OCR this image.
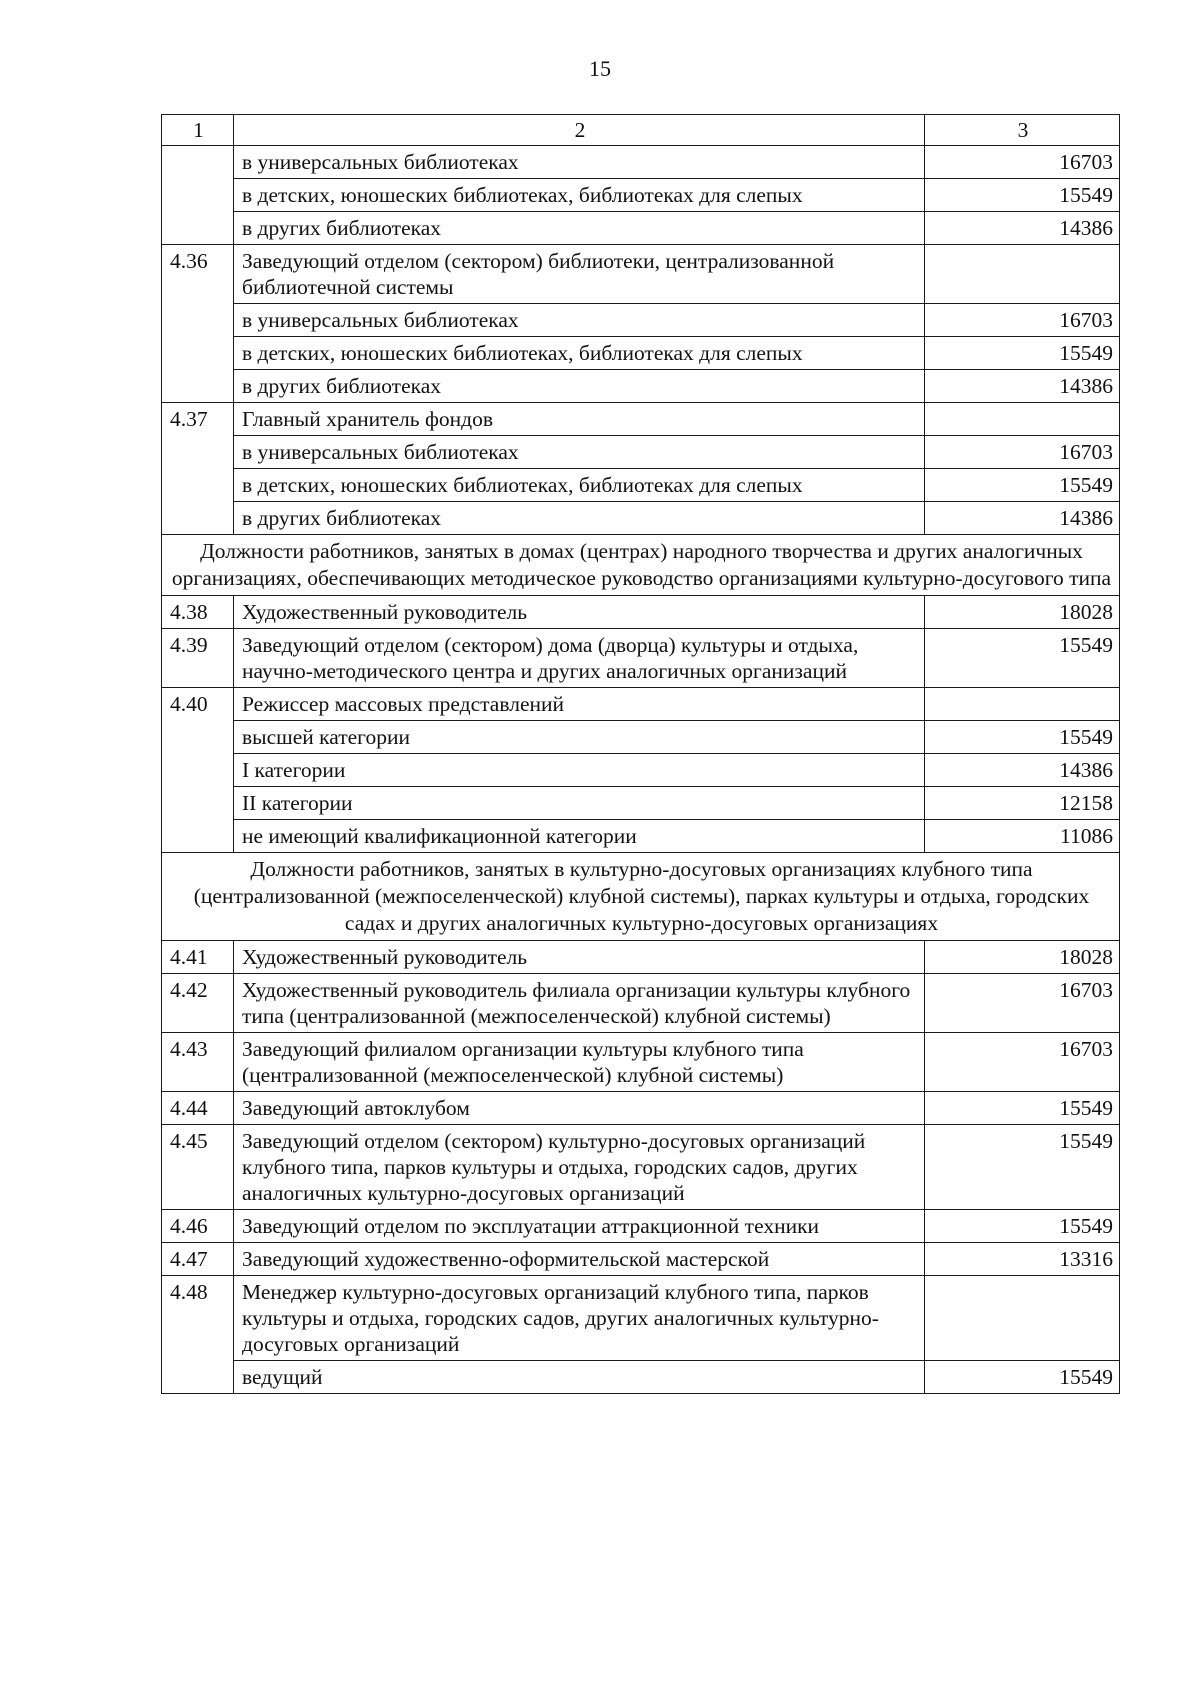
15
1	2	3
	в универсальных библиотеках	16703
	в детских, юношеских библиотеках, библиотеках для слепых	15549
	в других библиотеках	14386
4.36	Заведующий отделом (сектором) библиотеки, централизованной библиотечной системы	
	в универсальных библиотеках	16703
	в детских, юношеских библиотеках, библиотеках для слепых	15549
	в других библиотеках	14386
4.37	Главный хранитель фондов	
	в универсальных библиотеках	16703
	в детских, юношеских библиотеках, библиотеках для слепых	15549
	в других библиотеках	14386
Должности работников, занятых в домах (центрах) народного творчества и других аналогичных организациях, обеспечивающих методическое руководство организациями культурно-досугового типа		
4.38	Художественный руководитель	18028
4.39	Заведующий отделом (сектором) дома (дворца) культуры и отдыха, научно-методического центра и других аналогичных организаций	15549
4.40	Режиссер массовых представлений	
	высшей категории	15549
	I категории	14386
	II категории	12158
	не имеющий квалификационной категории	11086
Должности работников, занятых в культурно-досуговых организациях клубного типа (централизованной (межпоселенческой) клубной системы), парках культуры и отдыха, городских садах и других аналогичных культурно-досуговых организациях		
4.41	Художественный руководитель	18028
4.42	Художественный руководитель филиала организации культуры клубного типа (централизованной (межпоселенческой) клубной системы)	16703
4.43	Заведующий филиалом организации культуры клубного типа (централизованной (межпоселенческой) клубной системы)	16703
4.44	Заведующий автоклубом	15549
4.45	Заведующий отделом (сектором) культурно-досуговых организаций клубного типа, парков культуры и отдыха, городских садов, других аналогичных культурно-досуговых организаций	15549
4.46	Заведующий отделом по эксплуатации аттракционной техники	15549
4.47	Заведующий художественно-оформительской мастерской	13316
4.48	Менеджер культурно-досуговых организаций клубного типа, парков культуры и отдыха, городских садов, других аналогичных культурно-досуговых организаций	
	ведущий	15549
